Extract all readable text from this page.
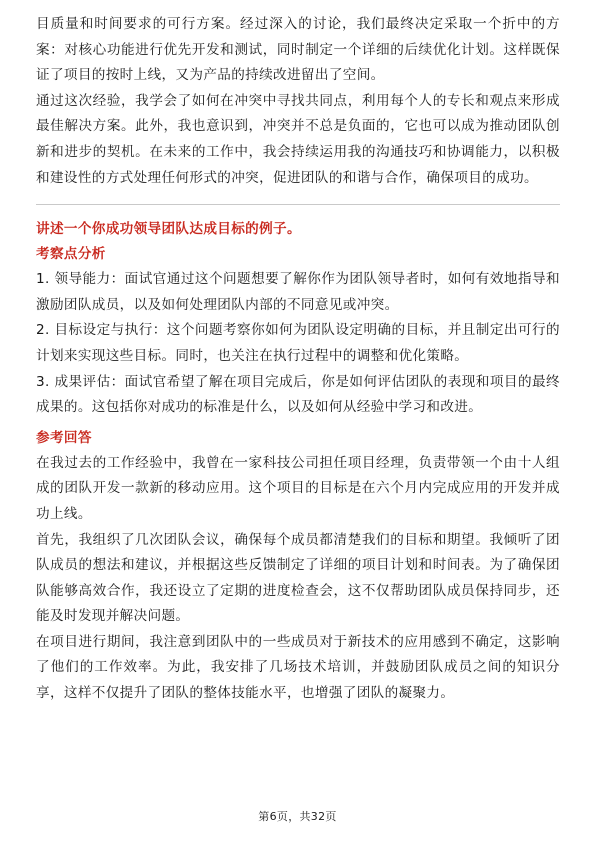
目质量和时间要求的可行方案。经过深入的讨论，我们最终决定采取一个折中的方案：对核心功能进行优先开发和测试，同时制定一个详细的后续优化计划。这样既保证了项目的按时上线，又为产品的持续改进留出了空间。

通过这次经验，我学会了如何在冲突中寻找共同点，利用每个人的专长和观点来形成最佳解决方案。此外，我也意识到，冲突并不总是负面的，它也可以成为推动团队创新和进步的契机。在未来的工作中，我会持续运用我的沟通技巧和协调能力，以积极和建设性的方式处理任何形式的冲突，促进团队的和谐与合作，确保项目的成功。

讲述一个你成功领导团队达成目标的例子。
考察点分析

1. 领导能力：面试官通过这个问题想要了解你作为团队领导者时，如何有效地指导和激励团队成员，以及如何处理团队内部的不同意见或冲突。

2. 目标设定与执行：这个问题考察你如何为团队设定明确的目标，并且制定出可行的计划来实现这些目标。同时，也关注在执行过程中的调整和优化策略。

3. 成果评估：面试官希望了解在项目完成后，你是如何评估团队的表现和项目的最终成果的。这包括你对成功的标准是什么，以及如何从经验中学习和改进。

参考回答

在我过去的工作经验中，我曾在一家科技公司担任项目经理，负责带领一个由十人组成的团队开发一款新的移动应用。这个项目的目标是在六个月内完成应用的开发并成功上线。

首先，我组织了几次团队会议，确保每个成员都清楚我们的目标和期望。我倾听了团队成员的想法和建议，并根据这些反馈制定了详细的项目计划和时间表。为了确保团队能够高效合作，我还设立了定期的进度检查会，这不仅帮助团队成员保持同步，还能及时发现并解决问题。

在项目进行期间，我注意到团队中的一些成员对于新技术的应用感到不确定，这影响了他们的工作效率。为此，我安排了几场技术培训，并鼓励团队成员之间的知识分享，这样不仅提升了团队的整体技能水平，也增强了团队的凝聚力。

第6页，共32页
